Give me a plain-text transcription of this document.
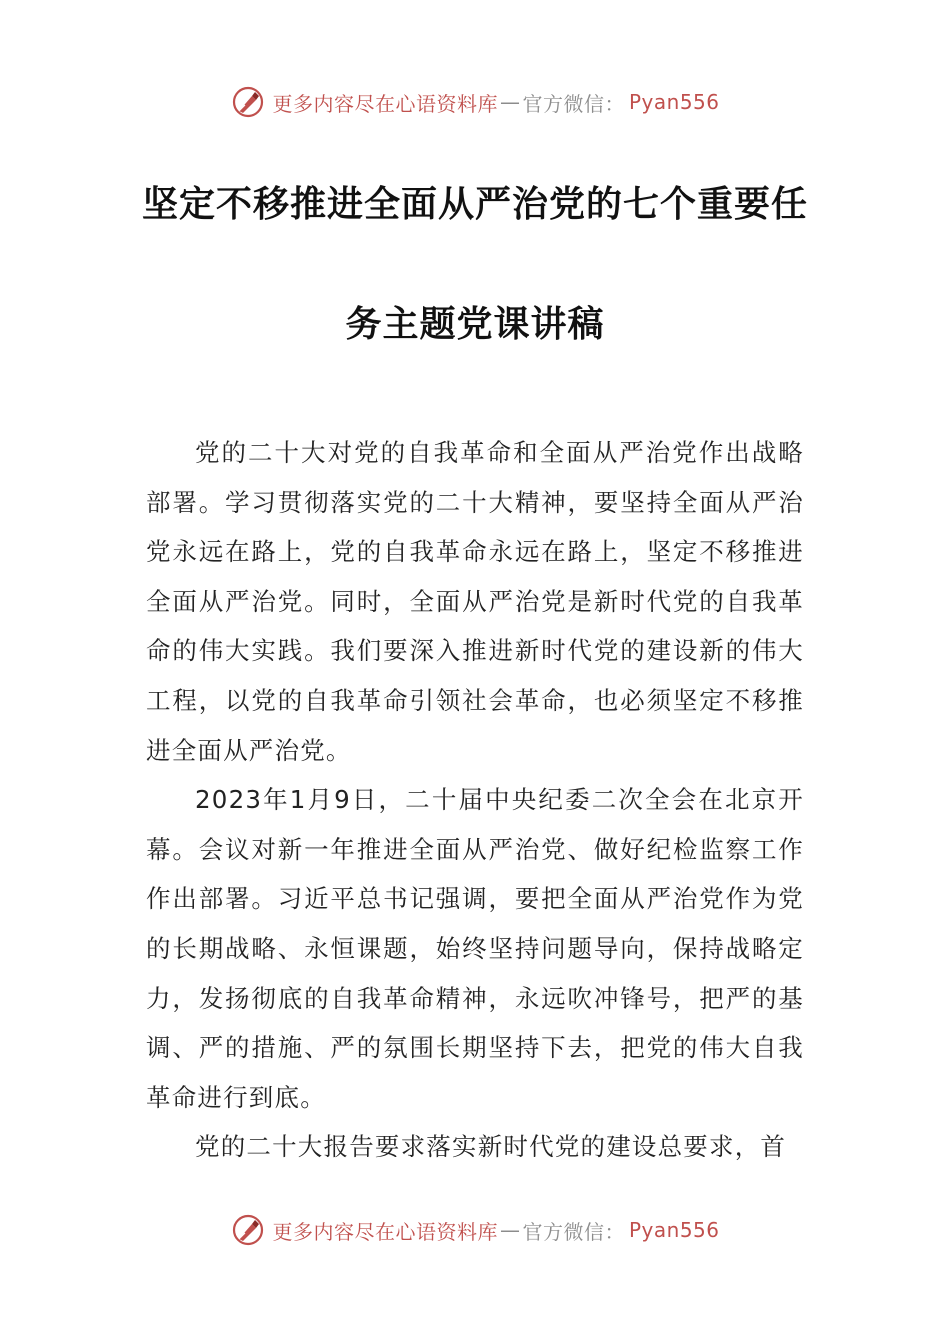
更多内容尽在心语资料库 — 官方微信： Pyan556
坚定不移推进全面从严治党的七个重要任
务主题党课讲稿

党的二十大对党的自我革命和全面从严治党作出战略部署。学习贯彻落实党的二十大精神，要坚持全面从严治党永远在路上，党的自我革命永远在路上，坚定不移推进全面从严治党。同时，全面从严治党是新时代党的自我革命的伟大实践。我们要深入推进新时代党的建设新的伟大工程，以党的自我革命引领社会革命，也必须坚定不移推进全面从严治党。

2023年1月9日，二十届中央纪委二次全会在北京开幕。会议对新一年推进全面从严治党、做好纪检监察工作作出部署。习近平总书记强调，要把全面从严治党作为党的长期战略、永恒课题，始终坚持问题导向，保持战略定力，发扬彻底的自我革命精神，永远吹冲锋号，把严的基调、严的措施、严的氛围长期坚持下去，把党的伟大自我革命进行到底。

党的二十大报告要求落实新时代党的建设总要求，首

更多内容尽在心语资料库 — 官方微信： Pyan556
